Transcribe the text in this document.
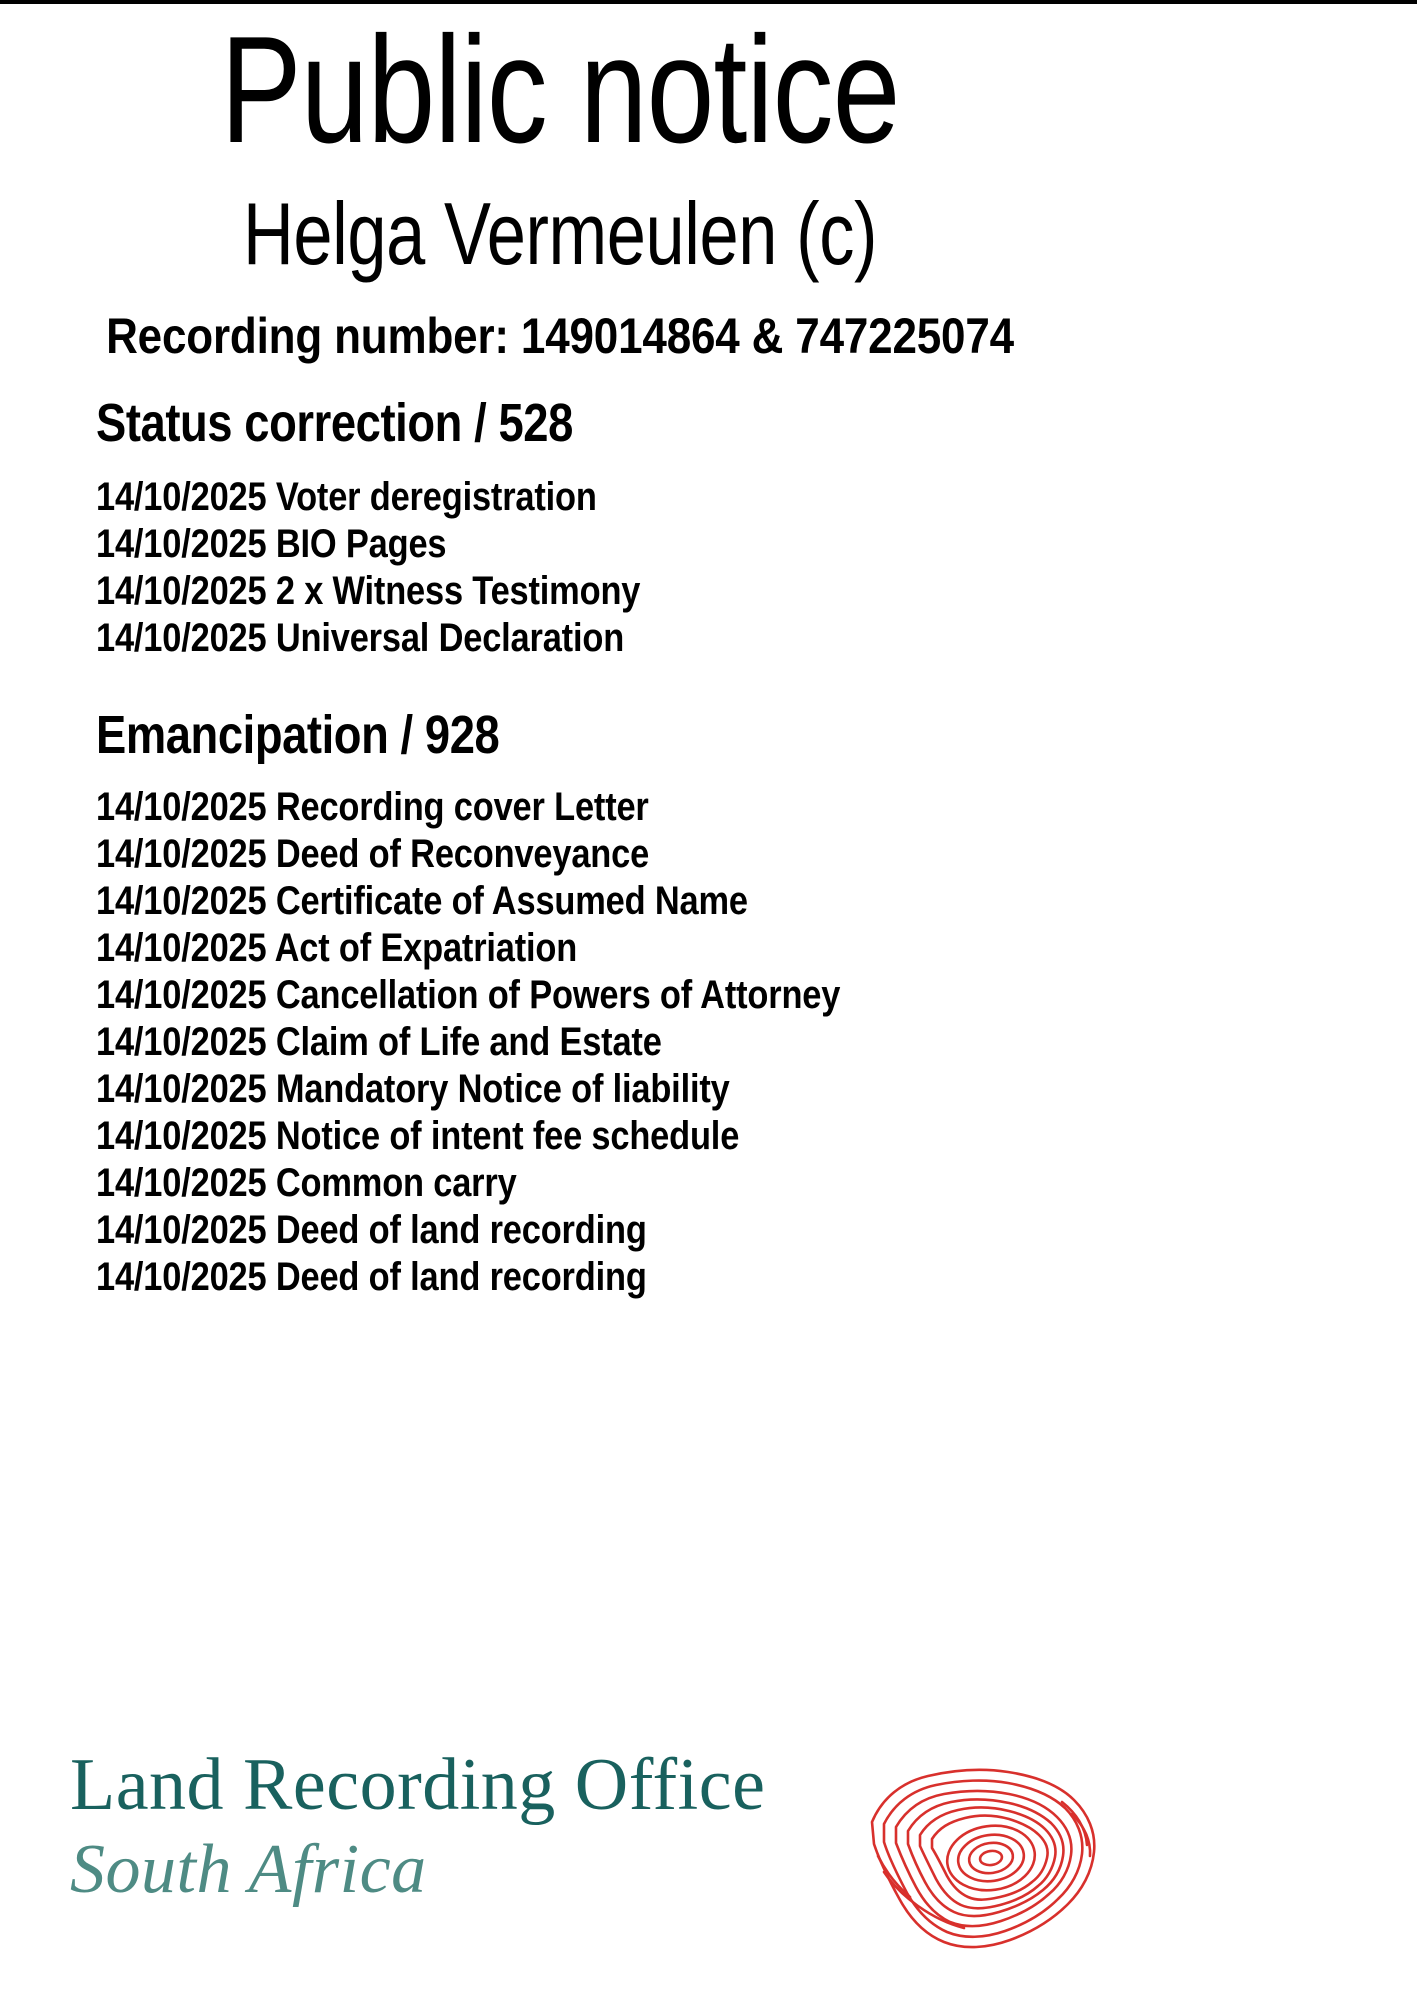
Public notice
Helga Vermeulen (c)
Recording number: 149014864 & 747225074
Status correction / 528
14/10/2025 Voter deregistration
14/10/2025 BIO Pages
14/10/2025 2 x Witness Testimony
14/10/2025 Universal Declaration
Emancipation / 928
14/10/2025 Recording cover Letter
14/10/2025 Deed of Reconveyance
14/10/2025 Certificate of Assumed Name
14/10/2025 Act of Expatriation
14/10/2025 Cancellation of Powers of Attorney
14/10/2025 Claim of Life and Estate
14/10/2025 Mandatory Notice of liability
14/10/2025 Notice of intent fee schedule
14/10/2025 Common carry
14/10/2025 Deed of land recording
14/10/2025 Deed of land recording
Land Recording Office
South Africa
